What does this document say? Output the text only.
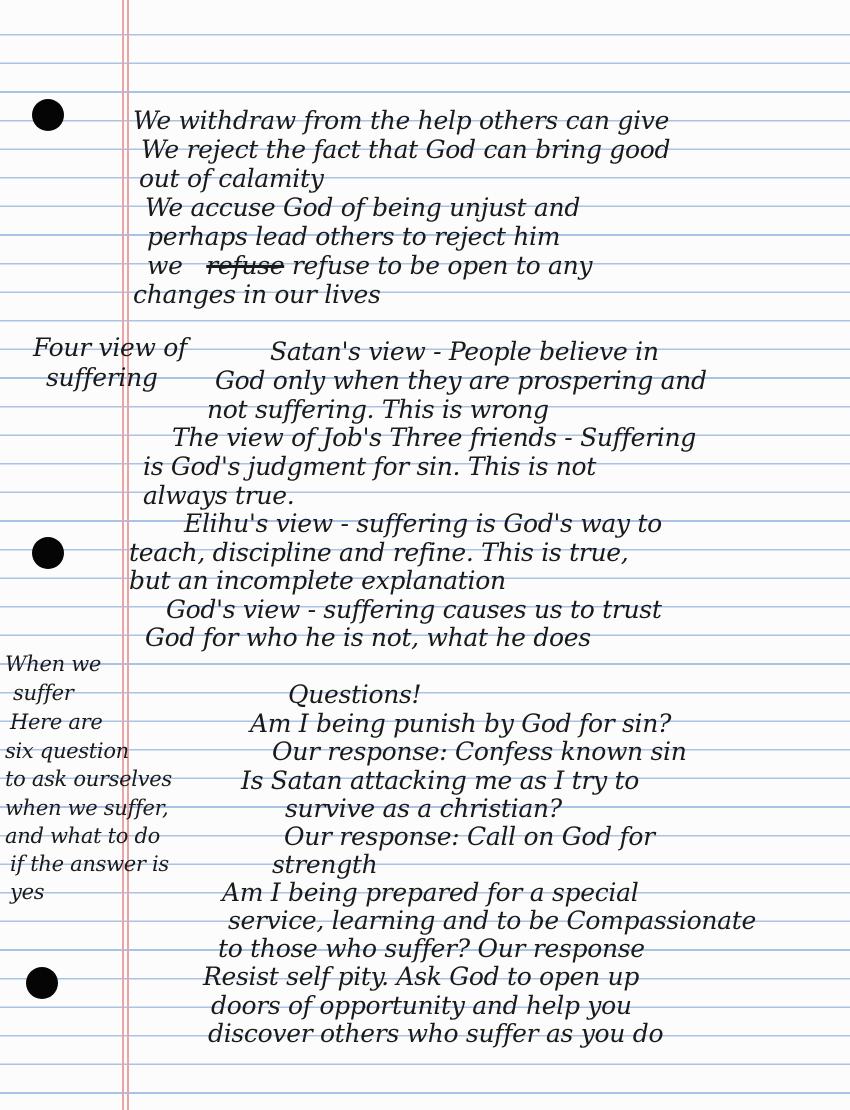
We withdraw from the help others can give
We reject the fact that God can bring good
out of calamity
We accuse God of being unjust and
perhaps lead others to reject him
we refuse refuse to be open to any
changes in our lives
Four view of
suffering
Satan's view - People believe in
God only when they are prospering and
not suffering. This is wrong
The view of Job's Three friends - Suffering
is God's judgment for sin. This is not
always true.
Elihu's view - suffering is God's way to
teach, discipline and refine. This is true,
but an incomplete explanation
God's view - suffering causes us to trust
God for who he is not, what he does
When we
suffer
Here are
six question
to ask ourselves
when we suffer,
and what to do
if the answer is
yes
Questions!
Am I being punish by God for sin?
Our response: Confess known sin
Is Satan attacking me as I try to
survive as a christian?
Our response: Call on God for
strength
Am I being prepared for a special
service, learning and to be Compassionate
to those who suffer? Our response
Resist self pity. Ask God to open up
doors of opportunity and help you
discover others who suffer as you do
